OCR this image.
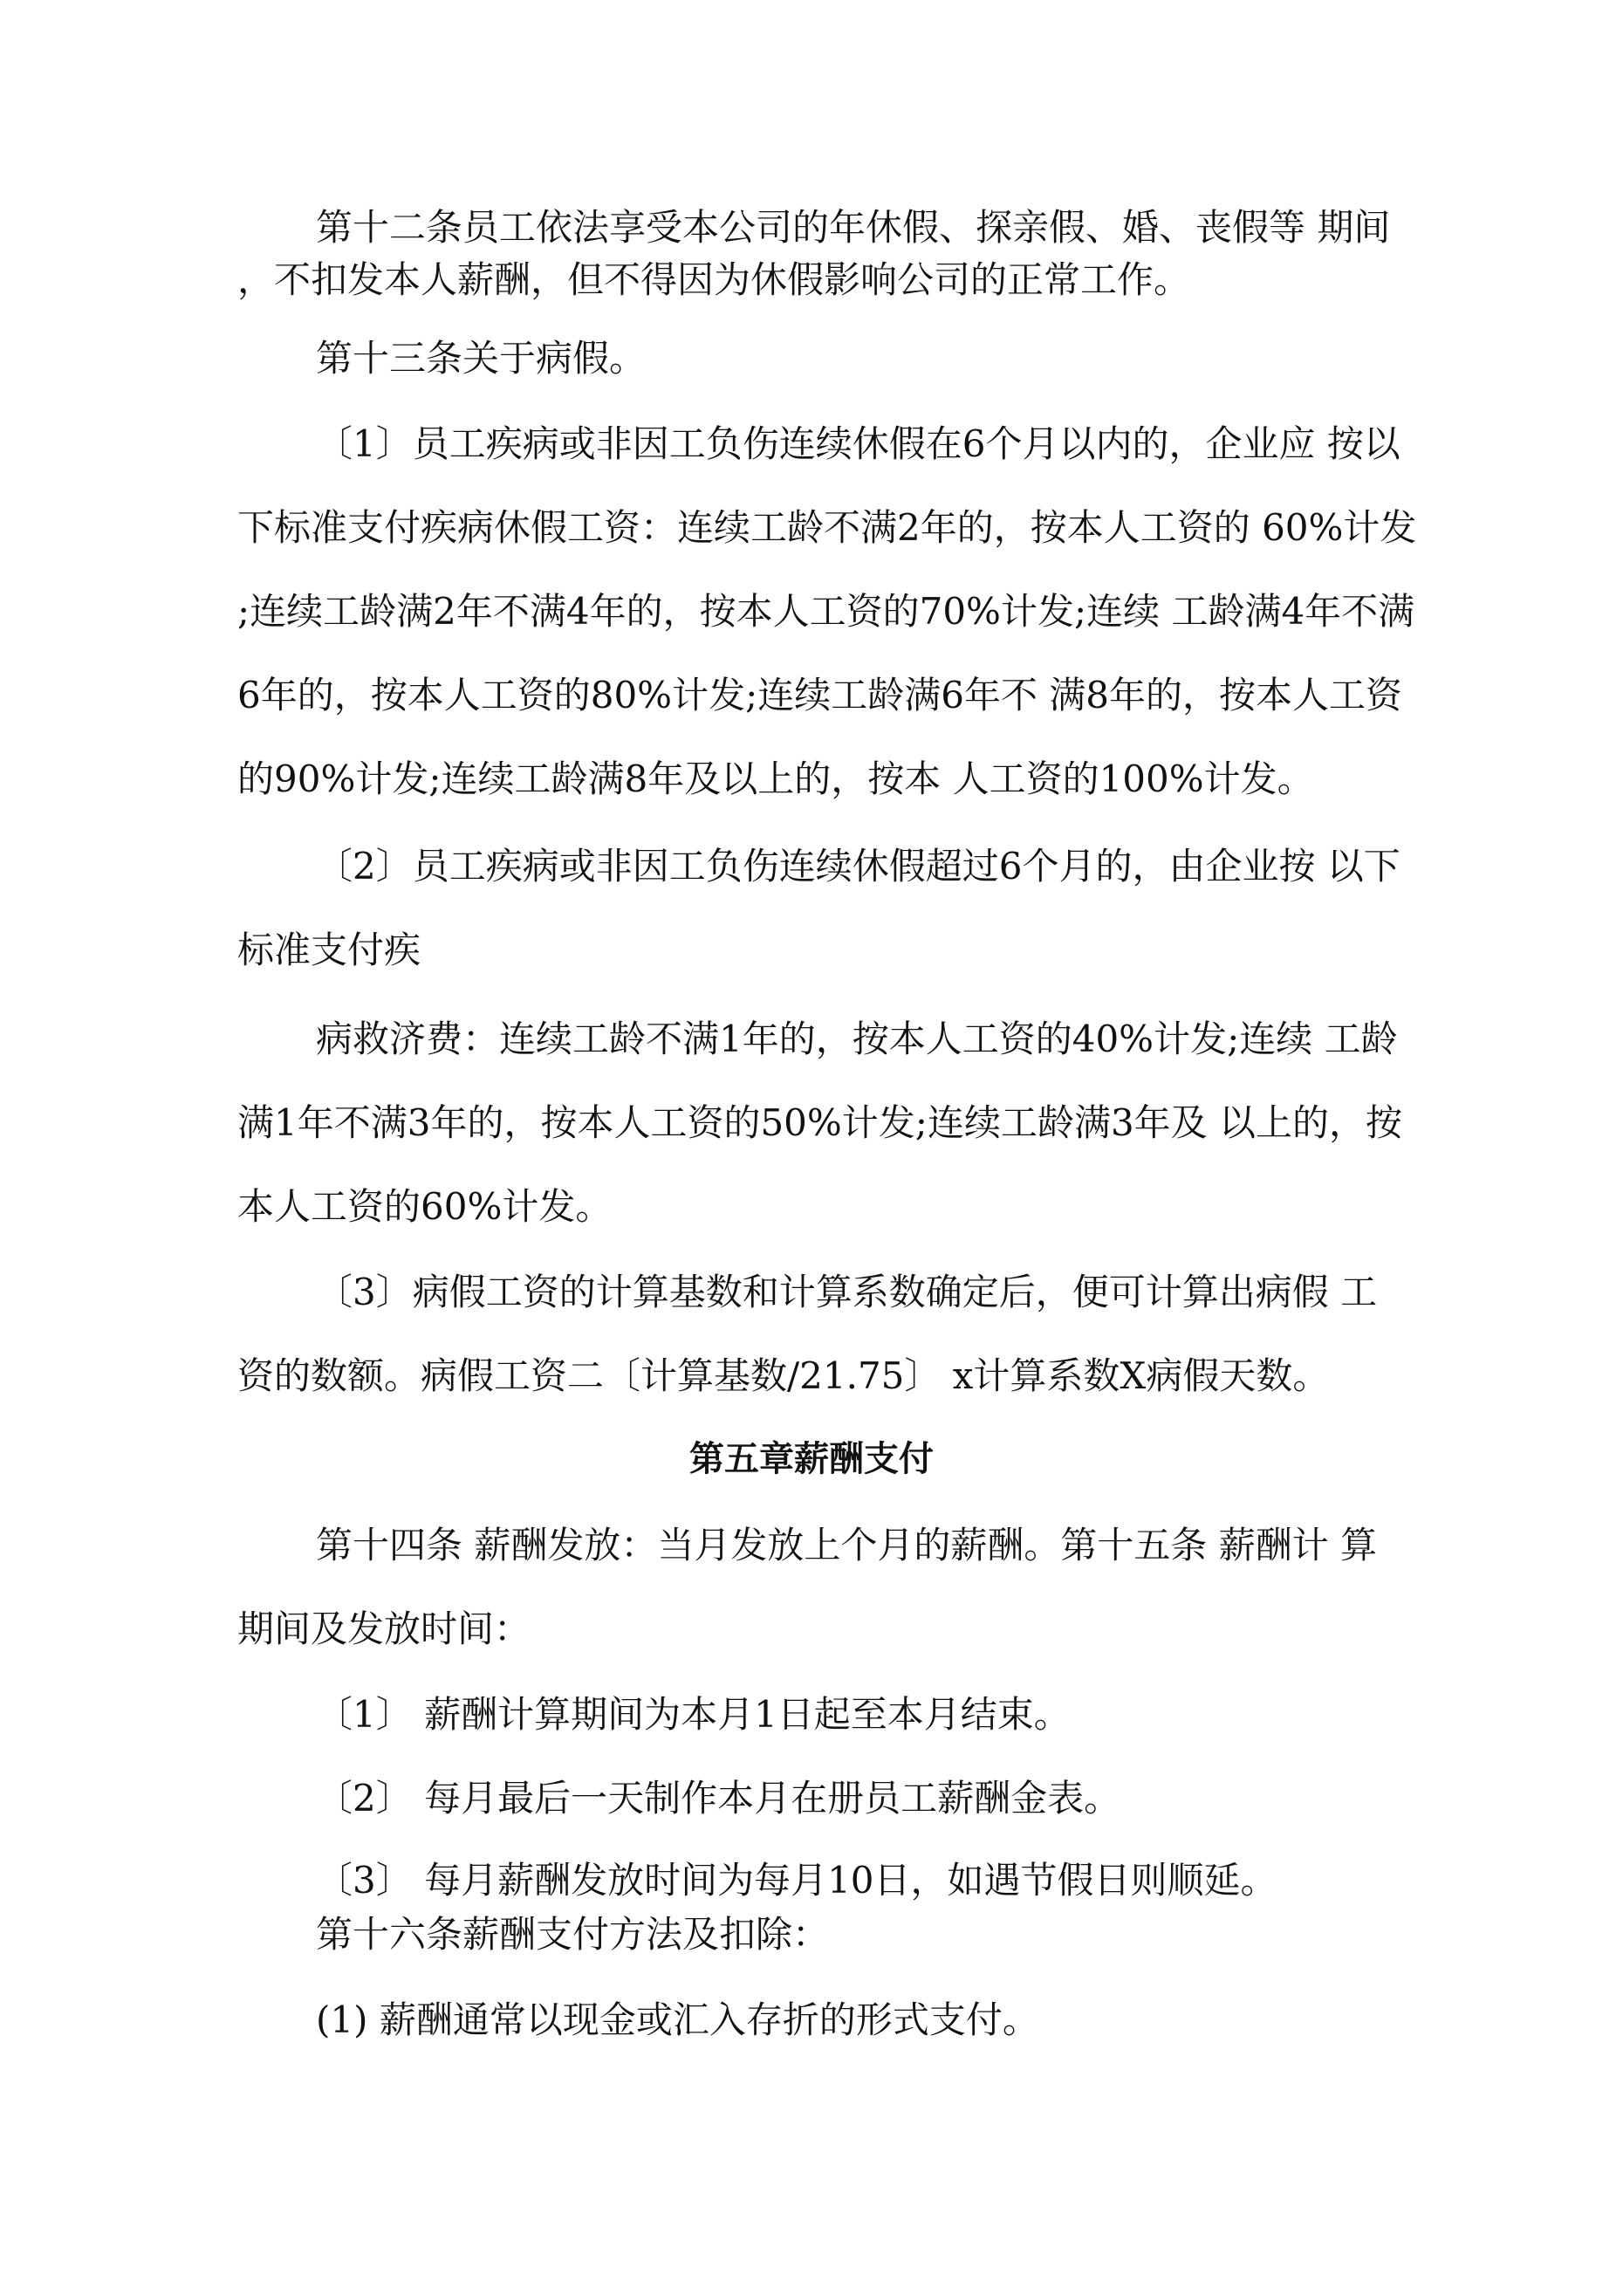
第十二条员工依法享受本公司的年休假、探亲假、婚、丧假等 期间
，不扣发本人薪酬，但不得因为休假影响公司的正常工作。
第十三条关于病假。
〔1〕员工疾病或非因工负伤连续休假在6个月以内的，企业应 按以
下标准支付疾病休假工资：连续工龄不满2年的，按本人工资的 60%计发
;连续工龄满2年不满4年的，按本人工资的70%计发;连续 工龄满4年不满
6年的，按本人工资的80%计发;连续工龄满6年不 满8年的，按本人工资
的90%计发;连续工龄满8年及以上的，按本 人工资的100%计发。
〔2〕员工疾病或非因工负伤连续休假超过6个月的，由企业按 以下
标准支付疾
病救济费：连续工龄不满1年的，按本人工资的40%计发;连续 工龄
满1年不满3年的，按本人工资的50%计发;连续工龄满3年及 以上的，按
本人工资的60%计发。
〔3〕病假工资的计算基数和计算系数确定后，便可计算出病假 工
资的数额。病假工资二〔计算基数/21.75〕 x计算系数X病假天数。
第五章薪酬支付
第十四条 薪酬发放：当月发放上个月的薪酬。第十五条 薪酬计 算
期间及发放时间：
〔1〕 薪酬计算期间为本月1日起至本月结束。
〔2〕 每月最后一天制作本月在册员工薪酬金表。
〔3〕 每月薪酬发放时间为每月10日，如遇节假日则顺延。
第十六条薪酬支付方法及扣除：
(1) 薪酬通常以现金或汇入存折的形式支付。
